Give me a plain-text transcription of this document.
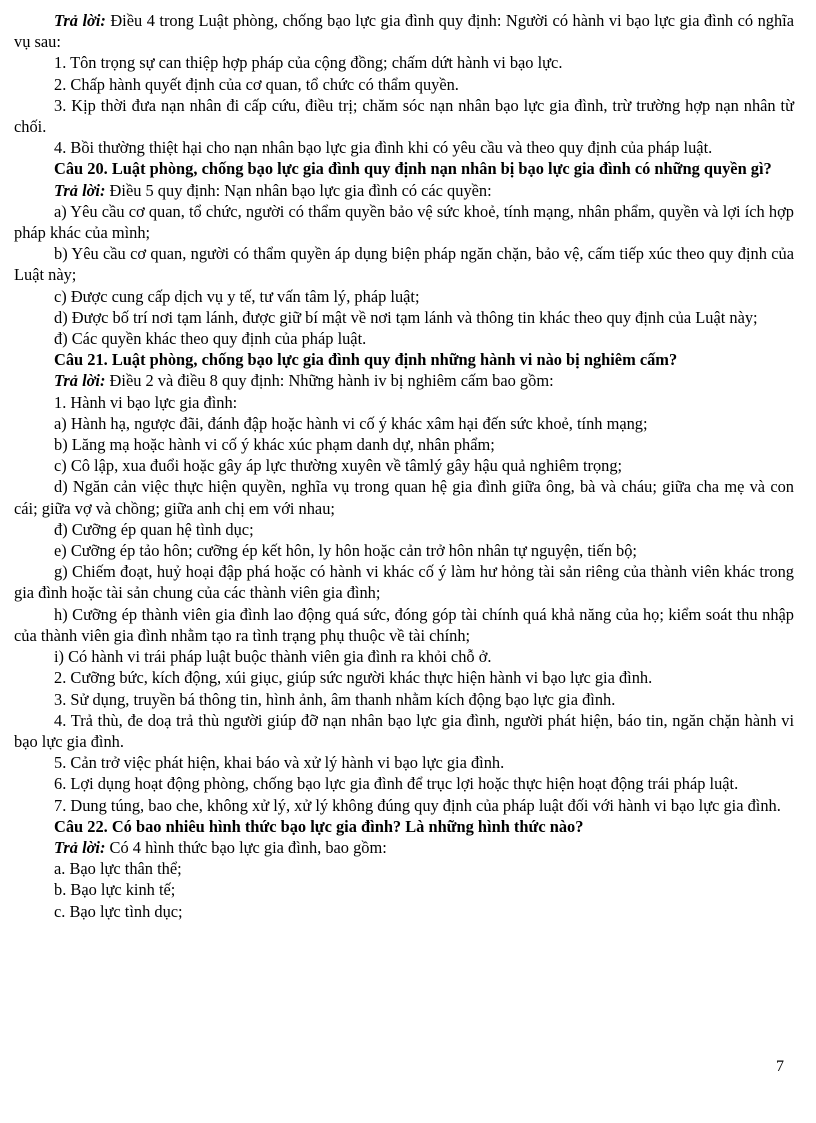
Trả lời: Điều 4 trong Luật phòng, chống bạo lực gia đình quy định: Người có hành vi bạo lực gia đình có nghĩa vụ sau:

1. Tôn trọng sự can thiệp hợp pháp của cộng đồng; chấm dứt hành vi bạo lực.

2. Chấp hành quyết định của cơ quan, tổ chức có thẩm quyền.

3. Kịp thời đưa nạn nhân đi cấp cứu, điều trị; chăm sóc nạn nhân bạo lực gia đình, trừ trường hợp nạn nhân từ chối.

4. Bồi thường thiệt hại cho nạn nhân bạo lực gia đình khi có yêu cầu và theo quy định của pháp luật.

Câu 20. Luật phòng, chống bạo lực gia đình quy định nạn nhân bị bạo lực gia đình có những quyền gì?

Trả lời: Điều 5 quy định: Nạn nhân bạo lực gia đình có các quyền:

a) Yêu cầu cơ quan, tổ chức, người có thẩm quyền bảo vệ sức khoẻ, tính mạng, nhân phẩm, quyền và lợi ích hợp pháp khác của mình;

b) Yêu cầu cơ quan, người có thẩm quyền áp dụng biện pháp ngăn chặn, bảo vệ, cấm tiếp xúc theo quy định của Luật này;

c) Được cung cấp dịch vụ y tế, tư vấn tâm lý, pháp luật;

d) Được bố trí nơi tạm lánh, được giữ bí mật về nơi tạm lánh và thông tin khác theo quy định của Luật này;

đ) Các quyền khác theo quy định của pháp luật.

Câu 21. Luật phòng, chống bạo lực gia đình quy định những hành vi nào bị nghiêm cấm?

Trả lời: Điều 2 và điều 8 quy định: Những hành iv bị nghiêm cấm bao gồm:

1. Hành vi bạo lực gia đình:

a) Hành hạ, ngược đãi, đánh đập hoặc hành vi cố ý khác xâm hại đến sức khoẻ, tính mạng;

b) Lăng mạ hoặc hành vi cố ý khác xúc phạm danh dự, nhân phẩm;

c) Cô lập, xua đuổi hoặc gây áp lực thường xuyên về tâmlý gây hậu quả nghiêm trọng;

d) Ngăn cản việc thực hiện quyền, nghĩa vụ trong quan hệ gia đình giữa ông, bà và cháu; giữa cha mẹ và con cái; giữa vợ và chồng; giữa anh chị em với nhau;

đ) Cưỡng ép quan hệ tình dục;

e) Cưỡng ép tảo hôn; cưỡng ép kết hôn, ly hôn hoặc cản trở hôn nhân tự nguyện, tiến bộ;

g) Chiếm đoạt, huỷ hoại đập phá hoặc có hành vi khác cố ý làm hư hỏng tài sản riêng của thành viên khác trong gia đình hoặc tài sản chung của các thành viên gia đình;

h) Cưỡng ép thành viên gia đình lao động quá sức, đóng góp tài chính quá khả năng của họ; kiểm soát thu nhập của thành viên gia đình nhằm tạo ra tình trạng phụ thuộc về tài chính;

i) Có hành vi trái pháp luật buộc thành viên gia đình ra khỏi chỗ ở.

2. Cưỡng bức, kích động, xúi giục, giúp sức người khác thực hiện hành vi bạo lực gia đình.

3. Sử dụng, truyền bá thông tin, hình ảnh, âm thanh nhằm kích động bạo lực gia đình.

4. Trả thù, đe doạ trả thù người giúp đỡ nạn nhân bạo lực gia đình, người phát hiện, báo tin, ngăn chặn hành vi bạo lực gia đình.

5. Cản trở việc phát hiện, khai báo và xử lý hành vi bạo lực gia đình.

6. Lợi dụng hoạt động phòng, chống bạo lực gia đình để trục lợi hoặc thực hiện hoạt động trái pháp luật.

7. Dung túng, bao che, không xử lý, xử lý không đúng quy định của pháp luật đối với hành vi bạo lực gia đình.

Câu 22. Có bao nhiêu hình thức bạo lực gia đình? Là những hình thức nào?

Trả lời: Có 4 hình thức bạo lực gia đình, bao gồm:

a. Bạo lực thân thể;

b. Bạo lực kinh tế;

c. Bạo lực tình dục;

7
